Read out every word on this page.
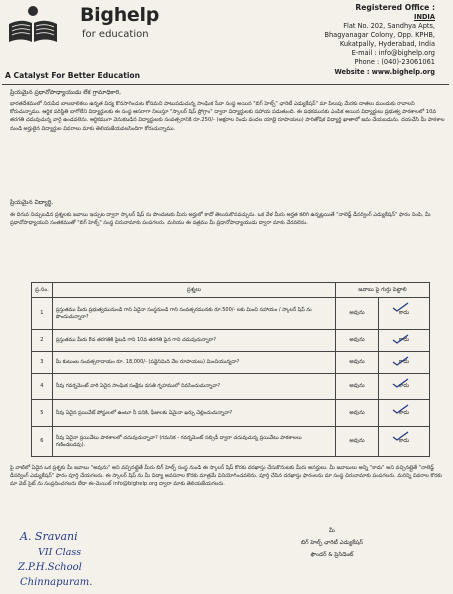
Bighelp
for education
A Catalyst For Better Education
Registered Office :
INDIA
Flat No. 202, Sandhya Apts,
Bhagyanagar Colony, Opp. KPHB,
Kukatpally, Hyderabad, India
E-mail : info@bighelp.org
Phone : (040)-23061061
Website : www.bighelp.org
ప్రియమైన ప్రధానోపాధ్యాయుడు లేక గ్రామాధికారి,
భారతదేశములో నిరుపేద బాలబాలికలు ఉన్నత విద్య కొనసాగించుట కోసమని పాటుపడుచున్న సాంఘిక సేవా సంస్థ అయిన "బిగ్ హెల్ప్" ఛారిటీ ఎడ్యుకేషన్" మా పిలుపు మేరకు దాతలు ముందుకు రావాలని కోరుచున్నాము. ఆర్థిక పరిస్థితి బాగోలేని విద్యార్థులకు ఈ సంస్థ ఆసరాగా నిలుస్తూ "స్కాలర్ షిప్ ప్రోగ్రాం" ద్వారా విద్యార్థులకు సహాయ పడుతుంది. ఈ పథకమునకు ఎంపిక అయిన విద్యార్థులు ప్రభుత్వ పాఠశాలలో 10వ తరగతి చదువుచున్న వారై ఉండవలెను. ఆర్థికముగా వెనుకబడిన విద్యార్థులకు సంవత్సరానికి రూ.250/- (అక్షరాల రెండు వందల యాభై రూపాయలు) పారితోషిక విద్యార్థి ఖాతాలో జమ చేయబడును. దయచేసి మీ పాఠశాల నుండి అర్హులైన విద్యార్థుల వివరాలు మాకు తెలియజేయవలసిందిగా కోరుచున్నాము.
ప్రియమైన విద్యార్థి,
ఈ దిగువ నిచ్చుబడిన ప్రశ్నలకు జవాబు ఇచ్చుట ద్వారా స్కాలర్ షిప్ ను పొందుటకు మీరు అర్హులో కాదో తెలుసుకొనవచ్చును. ఒక వేళ మీరు అర్హత కలిగి ఉన్నట్లయితే "నాలెడ్జ్ డీసర్వింగ్ ఎడ్యుకేషన్" ఫారం నింపి, మీ ప్రధానోపాధ్యాయుని సంతకముతో "బిగ్ హెల్ప్" సంస్థ చిరునామాకు పంపగలరు. మరియు ఈ పత్రము మీ ప్రధానోపాధ్యాయుడు ద్వారా మాకు చేరవలెను.
ప్ర.సం.	ప్రశ్నలు	జవాబు పై గుర్తు పెట్టాలి	
1	ప్రస్తుతము మీరు ప్రభుత్వమునుండి గాని ఏదైనా సంస్థనుండి గాని సంవత్సరమునకు రూ.500/- లకు మించి సహాయం / స్కాలర్ షిప్ ను పొందుచున్నారా?	అవును	కాదు

2	ప్రస్తుతము మీరు 8వ తరగతికి పైబడి గాని 10వ తరగతి పైన గాని చదువుచున్నారా?	అవును	కాదు

3	మీ కుటుంబ సంవత్సరాదాయం రూ. 18,000/- (పద్దెనిమిది వేల రూపాయలు) మించియున్నదా?	అవును	కాదు

4	నీవు గవర్నమెంట్ వారి ఏదైన సాంఘిక సంక్షేమ వసతి గృహములో నివసించుచున్నావా?	అవును	కాదు

5	నీవు ఏదైన ప్రయివేట్ పోస్టులలో ఉంటూ నీ పనికి, ఫీజులకు ఏమైనా ఖర్చు చెల్లించుచున్నావా?	అవును	కాదు

6	నీవు ఏదైనా ప్రయివేటు పాఠశాలలో చదువుచున్నావా? (గమనిక - గవర్నమెంట్ సబ్సిడీ ద్వారా చదువుచున్న ప్రయివేటు పాఠశాలలు గణించబడవు).	అవును	కాదు
పై వాటిలో ఏదైన ఒక ప్రశ్నకు మీ జవాబు "అవును" అని వచ్చినట్లైతే మీరు బిగ్ హెల్ప్ సంస్థ నుండి ఈ స్కాలర్ షిప్ కొరకు దరఖాస్తు చేసుకొనుటకు మీరు అనర్హులు. మీ జవాబులు అన్ని "కాదు" అని వచ్చినట్లైతే "నాలెడ్జ్ డీసర్వింగ్ ఎడ్యుకేషన్" ఫారం పూర్తి చేయగలరు. ఈ స్కాలర్ షిప్ ను మీ విద్యా అవసరాల కొరకు మాత్రమే వినియోగించవలెను. పూర్తి చేసిన దరఖాస్తు ఫారంలను మా సంస్థ చిరునామాకు పంపగలరు. మరిన్ని వివరాల కొరకు మా వెబ్ సైట్ ను సంప్రదించగలరు లేదా ఈ-మెయిల్ info@bighelp.org ద్వారా మాకు తెలియజేయగలరు.
A. Sravani
VII Class
Z.P.H.School
Chinnapuram.
మీ
బిగ్ హెల్ప్ ఛారిటీ ఎడ్యుకేషన్
ఫౌండర్ & ప్రెసిడెంట్
